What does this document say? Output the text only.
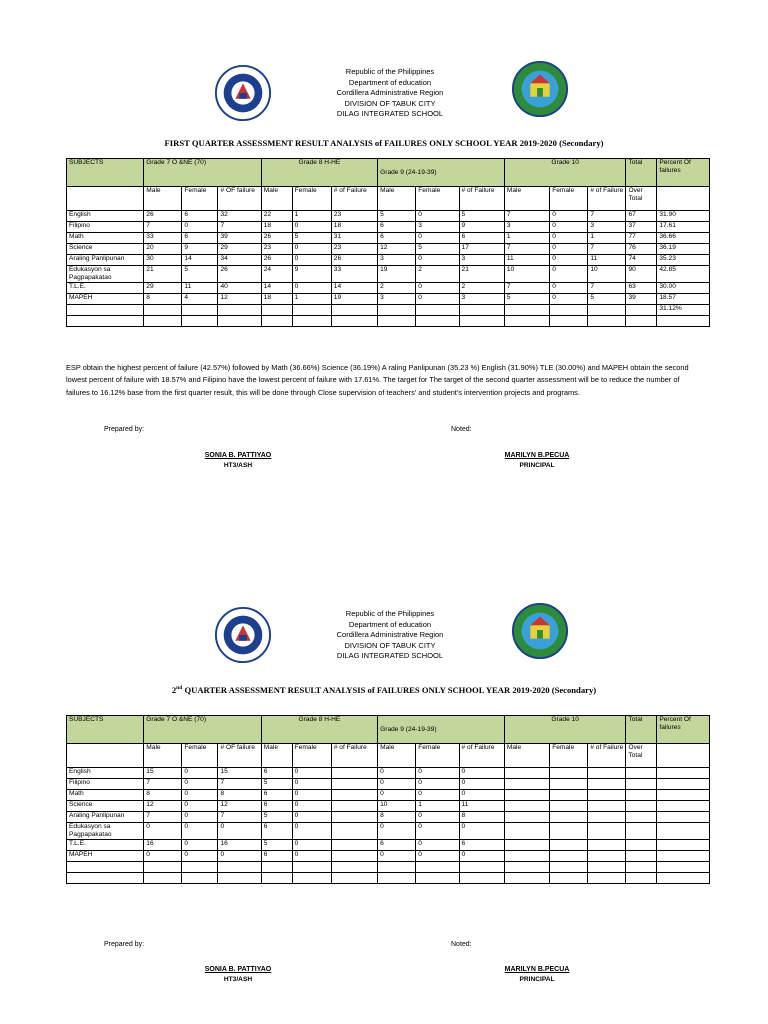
Republic of the Philippines
Department of education
Cordillera Administrative Region
DIVISION OF TABUK CITY
DILAG INTEGRATED SCHOOL
FIRST QUARTER ASSESSMENT RESULT ANALYSIS of FAILURES ONLY SCHOOL YEAR 2019-2020 (Secondary)
SUBJECTS	Grade 7 O &NE (70)			Grade 8 H-HE			Grade 9 (24-19-39)			Grade 10			Total	Percent Of failures
	Male	Female	# OF failure	Male	Female	# of Failure	Male	Female	# of Failure	Male	Female	# of Failure	Over Total	
English	26	6	32	22	1	23	5	0	5	7	0	7	67	31.90
Filipino	7	0	7	18	0	18	6	3	9	3	0	3	37	17.61
Math	33	6	39	26	5	31	6	0	6	1	0	1	77	36.66
Science	20	9	29	23	0	23	12	5	17	7	0	7	76	36.19
Araling Panlipunan	30	14	34	26	0	26	3	0	3	11	0	11	74	35.23
Edukasyon sa Pagpapakatao	21	5	26	24	9	33	19	2	21	10	0	10	90	42.85
T.L.E.	29	11	40	14	0	14	2	0	2	7	0	7	63	30.00
MAPEH	8	4	12	18	1	19	3	0	3	5	0	5	39	18.57
														31.12%

ESP obtain the highest percent of failure (42.57%) followed by Math (36.66%) Science (36.19%) A raling Panlipunan (35.23 %) English (31.90%) TLE (30.00%) and MAPEH obtain the second lowest percent of failure with 18.57% and Filipino have the lowest percent of failure with 17.61%. The target for The target of the second quarter assessment will be to reduce the number of failures to 16.12% base from the first quarter result, this will be done through Close supervision of teachers' and student's intervention projects and programs.
Prepared by:	Noted:
SONIA B. PATTIYAO
HT3/ASH
MARILYN B.PECUA
PRINCIPAL
Republic of the Philippines
Department of education
Cordillera Administrative Region
DIVISION OF TABUK CITY
DILAG INTEGRATED SCHOOL
2nd QUARTER ASSESSMENT RESULT ANALYSIS of FAILURES ONLY SCHOOL YEAR 2019-2020 (Secondary)
SUBJECTS	Grade 7 O &NE (70)			Grade 8 H-HE			Grade 9 (24-19-39)			Grade 10			Total	Percent Of failures
	Male	Female	# OF failure	Male	Female	# of Failure	Male	Female	# of Failure	Male	Female	# of Failure	Over Total	
English	15	0	15	6	0		0	0	0					
Filipino	7	0	7	5	0		0	0	0					
Math	8	0	8	6	0		0	0	0					
Science	12	0	12	6	0		10	1	11					
Araling Panlipunan	7	0	7	5	0		8	0	8					
Edukasyon sa Pagpapakatao	0	0	0	6	0		0	0	0					
T.L.E.	16	0	16	5	0		6	0	6					
MAPEH	0	0	0	6	0		0	0	0					

Prepared by:	Noted:
SONIA B. PATTIYAO
HT3/ASH
MARILYN B.PECUA
PRINCIPAL
